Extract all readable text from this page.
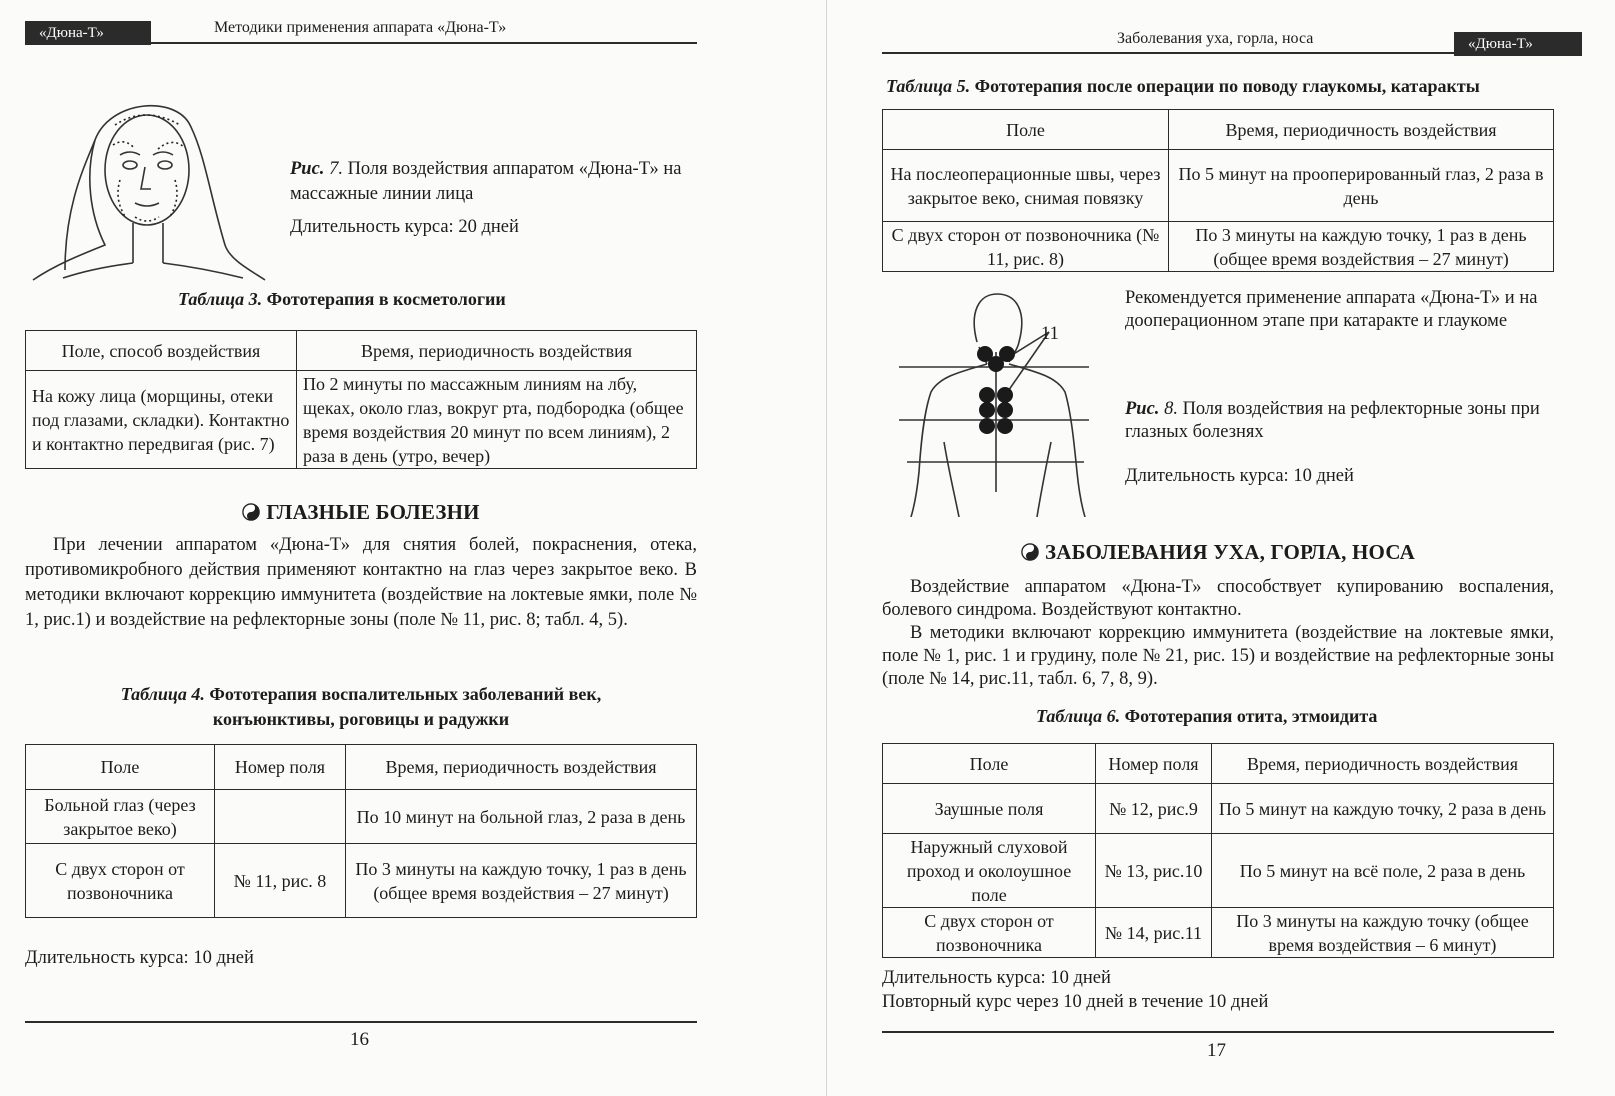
«Дюна-Т»	Методики применения аппарата «Дюна-Т»
Рис. 7. Поля воздействия аппаратом «Дюна-Т» на массажные линии лица
Длительность курса: 20 дней
Таблица 3. Фототерапия в косметологии
Поле, способ воздействия	Время, периодичность воздействия
На кожу лица (морщины, отеки под глазами, складки). Контактно и контактно передвигая (рис. 7)	По 2 минуты по массажным линиям на лбу, щеках, около глаз, вокруг рта, подбородка (общее время воздействия 20 минут по всем линиям), 2 раза в день (утро, вечер)
ГЛАЗНЫЕ БОЛЕЗНИ

При лечении аппаратом «Дюна-Т» для снятия болей, покраснения, отека, противомикробного действия применяют контактно на глаз через закрытое веко. В методики включают коррекцию иммунитета (воздействие на локтевые ямки, поле № 1, рис.1) и воздействие на рефлекторные зоны (поле № 11, рис. 8; табл. 4, 5).

Таблица 4. Фототерапия воспалительных заболеваний век,
конъюнктивы, роговицы и радужки
Поле	Номер поля	Время, периодичность воздействия
Больной глаз (через закрытое веко)		По 10 минут на больной глаз, 2 раза в день
С двух сторон от позвоночника	№ 11, рис. 8	По 3 минуты на каждую точку, 1 раз в день (общее время воздействия – 27 минут)
Длительность курса: 10 дней
16
Заболевания уха, горла, носа	«Дюна-Т»
Таблица 5. Фототерапия после операции по поводу глаукомы, катаракты
Поле	Время, периодичность воздействия
На послеоперационные швы, через закрытое веко, снимая повязку	По 5 минут на прооперированный глаз, 2 раза в день
С двух сторон от позвоночника (№ 11, рис. 8)	По 3 минуты на каждую точку, 1 раз в день (общее время воздействия – 27 минут)
11
Рекомендуется применение аппарата «Дюна-Т» и на дооперационном этапе при катаракте и глаукоме
Рис. 8. Поля воздействия на рефлекторные зоны при глазных болезнях
Длительность курса: 10 дней
ЗАБОЛЕВАНИЯ УХА, ГОРЛА, НОСА

Воздействие аппаратом «Дюна-Т» способствует купированию воспаления, болевого синдрома. Воздействуют контактно.

В методики включают коррекцию иммунитета (воздействие на локтевые ямки, поле № 1, рис. 1 и грудину, поле № 21, рис. 15) и воздействие на рефлекторные зоны (поле № 14, рис.11, табл. 6, 7, 8, 9).

Таблица 6. Фототерапия отита, этмоидита
Поле	Номер поля	Время, периодичность воздействия
Заушные поля	№ 12, рис.9	По 5 минут на каждую точку, 2 раза в день
Наружный слуховой проход и околоушное поле	№ 13, рис.10	По 5 минут на всё поле, 2 раза в день
С двух сторон от позвоночника	№ 14, рис.11	По 3 минуты на каждую точку (общее время воздействия – 6 минут)
Длительность курса: 10 дней
Повторный курс через 10 дней в течение 10 дней
17
